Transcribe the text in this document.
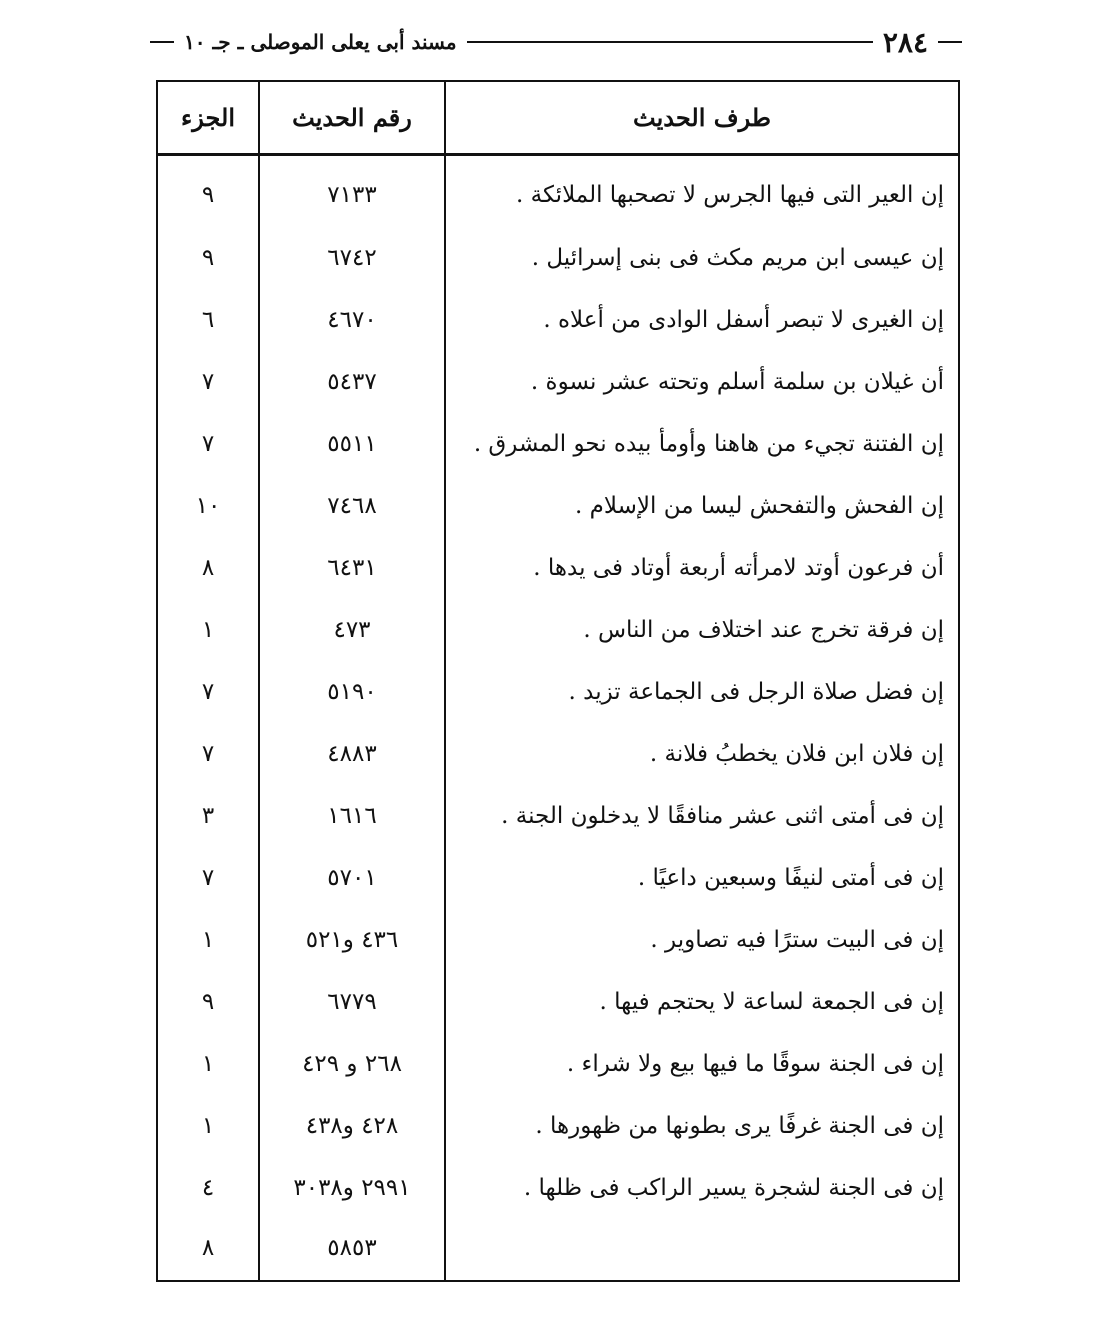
٢٨٤
مسند أبى يعلى الموصلى ـ جـ ١٠
طرف الحديث	رقم الحديث	الجزء
إن العير التى فيها الجرس لا تصحبها الملائكة .	٧١٣٣	٩
إن عيسى ابن مريم مكث فى بنى إسرائيل .	٦٧٤٢	٩
إن الغيرى لا تبصر أسفل الوادى من أعلاه .	٤٦٧٠	٦
أن غيلان بن سلمة أسلم وتحته عشر نسوة .	٥٤٣٧	٧
إن الفتنة تجيء من هاهنا وأومأ بيده نحو المشرق .	٥٥١١	٧
إن الفحش والتفحش ليسا من الإسلام .	٧٤٦٨	١٠
أن فرعون أوتد لامرأته أربعة أوتاد فى يدها .	٦٤٣١	٨
إن فرقة تخرج عند اختلاف من الناس .	٤٧٣	١
إن فضل صلاة الرجل فى الجماعة تزيد .	٥١٩٠	٧
إن فلان ابن فلان يخطبُ فلانة .	٤٨٨٣	٧
إن فى أمتى اثنى عشر منافقًا لا يدخلون الجنة .	١٦١٦	٣
إن فى أمتى لنيفًا وسبعين داعيًا .	٥٧٠١	٧
إن فى البيت سترًا فيه تصاوير .	٤٣٦ و٥٢١	١
إن فى الجمعة لساعة لا يحتجم فيها .	٦٧٧٩	٩
إن فى الجنة سوقًا ما فيها بيع ولا شراء .	٢٦٨ و ٤٢٩	١
إن فى الجنة غرفًا يرى بطونها من ظهورها .	٤٢٨ و٤٣٨	١
إن فى الجنة لشجرة يسير الراكب فى ظلها .	٢٩٩١ و٣٠٣٨	٤
	٥٨٥٣	٨
